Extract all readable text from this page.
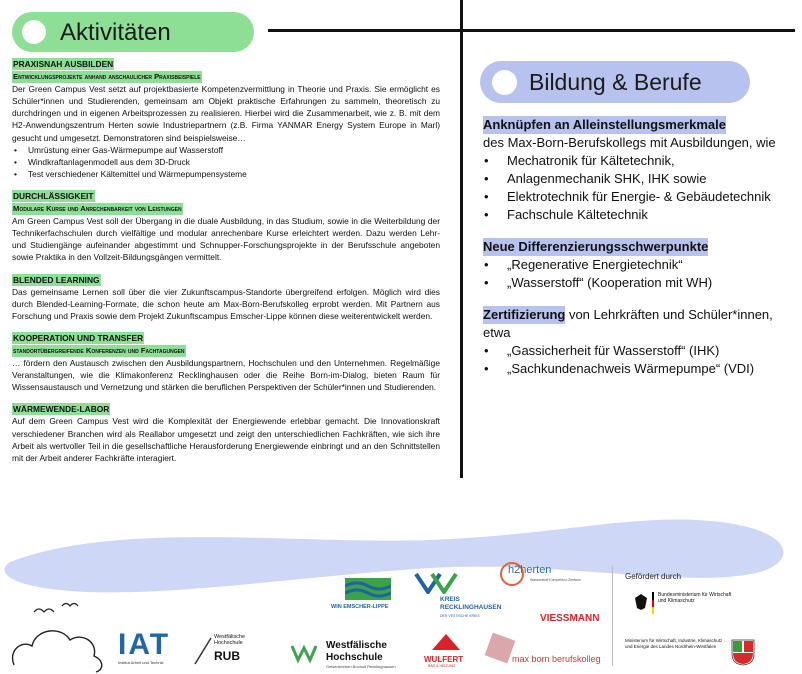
Aktivitäten
Bildung & Berufe
PRAXISNAH AUSBILDEN
Entwicklungsprojekte anhand anschaulicher Praxisbeispiele

Der Green Campus Vest setzt auf projektbasierte Kompetenzvermittlung in Theorie und Praxis. Sie ermöglicht es Schüler*innen und Studierenden, gemeinsam am Objekt praktische Erfahrungen zu sammeln, theoretisch zu durchdringen und in eigenen Arbeitsprozessen zu realisieren. Hierbei wird die Zusammenarbeit, wie z. B. mit dem H2-Anwendungszentrum Herten sowie Industriepartnern (z.B. Firma YANMAR Energy System Europe in Marl) gesucht und umgesetzt. Demonstratoren sind beispielsweise…

• Umrüstung einer Gas-Wärmepumpe auf Wasserstoff
• Windkraftanlagenmodell aus dem 3D-Druck
• Test verschiedener Kältemittel und Wärmepumpensysteme
DURCHLÄSSIGKEIT
Modulare Kurse und Anrechenbarkeit von Leistungen

Am Green Campus Vest soll der Übergang in die duale Ausbildung, in das Studium, sowie in die Weiterbildung der Technikerfachschulen durch vielfältige und modular anrechenbare Kurse erleichtert werden. Dazu werden Lehr- und Studiengänge aufeinander abgestimmt und Schnupper-Forschungsprojekte in der Berufsschule angeboten sowie Praktika in den Vollzeit-Bildungsgängen vermittelt.

BLENDED LEARNING

Das gemeinsame Lernen soll über die vier Zukunftscampus-Standorte übergreifend erfolgen. Möglich wird dies durch Blended-Learning-Formate, die schon heute am Max-Born-Berufskolleg erprobt werden. Mit Partnern aus Forschung und Praxis sowie dem Projekt Zukunftscampus Emscher-Lippe können diese weiterentwickelt werden.

KOOPERATION UND TRANSFER
standortübergreifende Konferenzen und Fachtagungen

… fördern den Austausch zwischen den Ausbildungspartnern, Hochschulen und den Unternehmen. Regelmäßige Veranstaltungen, wie die Klimakonferenz Recklinghausen oder die Reihe Born-im-Dialog, bieten Raum für Wissensaustausch und Vernetzung und stärken die beruflichen Perspektiven der Schüler*innen und Studierenden.

WÄRMEWENDE-LABOR

Auf dem Green Campus Vest wird die Komplexität der Energiewende erlebbar gemacht. Die Innovationskraft verschiedener Branchen wird als Reallabor umgesetzt und zeigt den unterschiedlichen Fachkräften, wie sich ihre Arbeit als wertvoller Teil in die gesellschaftliche Herausforderung Energiewende einbringt und an den Schnittstellen mit der Arbeit anderer Fachkräfte interagiert.

Anknüpfen an Alleinstellungsmerkmale
des Max-Born-Berufskollegs mit Ausbildungen, wie
• Mechatronik für Kältetechnik,
• Anlagenmechanik SHK, IHK sowie
• Elektrotechnik für Energie- & Gebäudetechnik
• Fachschule Kältetechnik
Neue Differenzierungsschwerpunkte
• „Regenerative Energietechnik“
• „Wasserstoff“ (Kooperation mit WH)
Zertifizierung von Lehrkräften und Schüler*innen, etwa
• „Gassicherheit für Wasserstoff“ (IHK)
• „Sachkundenachweis Wärmepumpe“ (VDI)
IAT
Institut Arbeit und Technik
Westfälische Hochschule
RUB
Westfälische Hochschule
Gelsenkirchen Bocholt Recklinghausen
WIN EMSCHER-LIPPE
KREIS RECKLINGHAUSEN
DER VESTISCHE KREIS
h2herten
Wasserstoff Kompetenz-Zentrum
VIESSMANN
WULFERT
BAD & HEIZUNG
max born berufskolleg
Gefördert durch
Bundesministerium für Wirtschaft und Klimaschutz
Ministerium für Wirtschaft, Industrie, Klimaschutz und Energie des Landes Nordrhein-Westfalen
